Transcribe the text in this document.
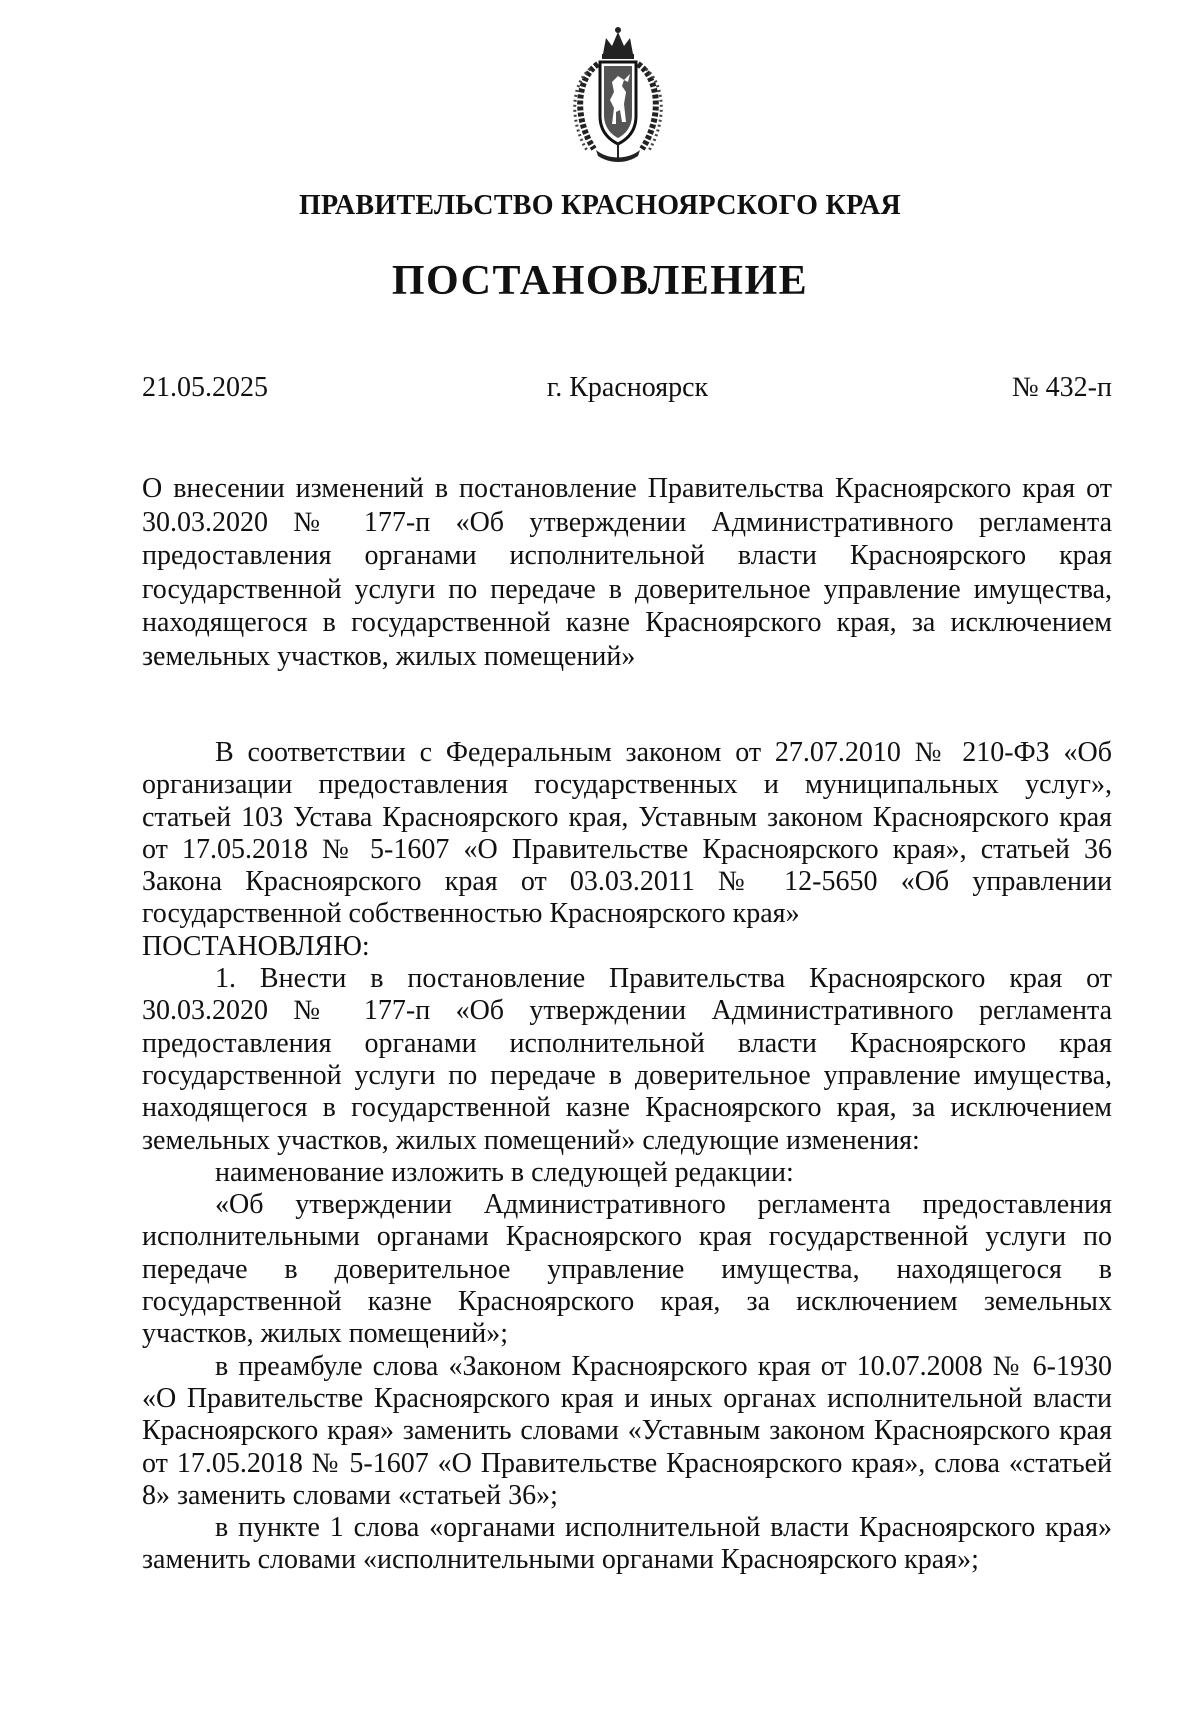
ПРАВИТЕЛЬСТВО КРАСНОЯРСКОГО КРАЯ
ПОСТАНОВЛЕНИЕ
21.05.2025	г. Красноярск	№ 432-п
О внесении изменений в постановление Правительства Красноярского края от 30.03.2020 № 177-п «Об утверждении Административного регламента предоставления органами исполнительной власти Красноярского края государственной услуги по передаче в доверительное управление имущества, находящегося в государственной казне Красноярского края, за исключением земельных участков, жилых помещений»

В соответствии с Федеральным законом от 27.07.2010 № 210-ФЗ «Об организации предоставления государственных и муниципальных услуг», статьей 103 Устава Красноярского края, Уставным законом Красноярского края от 17.05.2018 № 5-1607 «О Правительстве Красноярского края», статьей 36 Закона Красноярского края от 03.03.2011 № 12-5650 «Об управлении государственной собственностью Красноярского края»

ПОСТАНОВЛЯЮ:

1. Внести в постановление Правительства Красноярского края от 30.03.2020 № 177-п «Об утверждении Административного регламента предоставления органами исполнительной власти Красноярского края государственной услуги по передаче в доверительное управление имущества, находящегося в государственной казне Красноярского края, за исключением земельных участков, жилых помещений» следующие изменения:

наименование изложить в следующей редакции:

«Об утверждении Административного регламента предоставления исполнительными органами Красноярского края государственной услуги по передаче в доверительное управление имущества, находящегося в государственной казне Красноярского края, за исключением земельных участков, жилых помещений»;

в преамбуле слова «Законом Красноярского края от 10.07.2008 № 6-1930 «О Правительстве Красноярского края и иных органах исполнительной власти Красноярского края» заменить словами «Уставным законом Красноярского края от 17.05.2018 № 5-1607 «О Правительстве Красноярского края», слова «статьей 8» заменить словами «статьей 36»;

в пункте 1 слова «органами исполнительной власти Красноярского края» заменить словами «исполнительными органами Красноярского края»;
